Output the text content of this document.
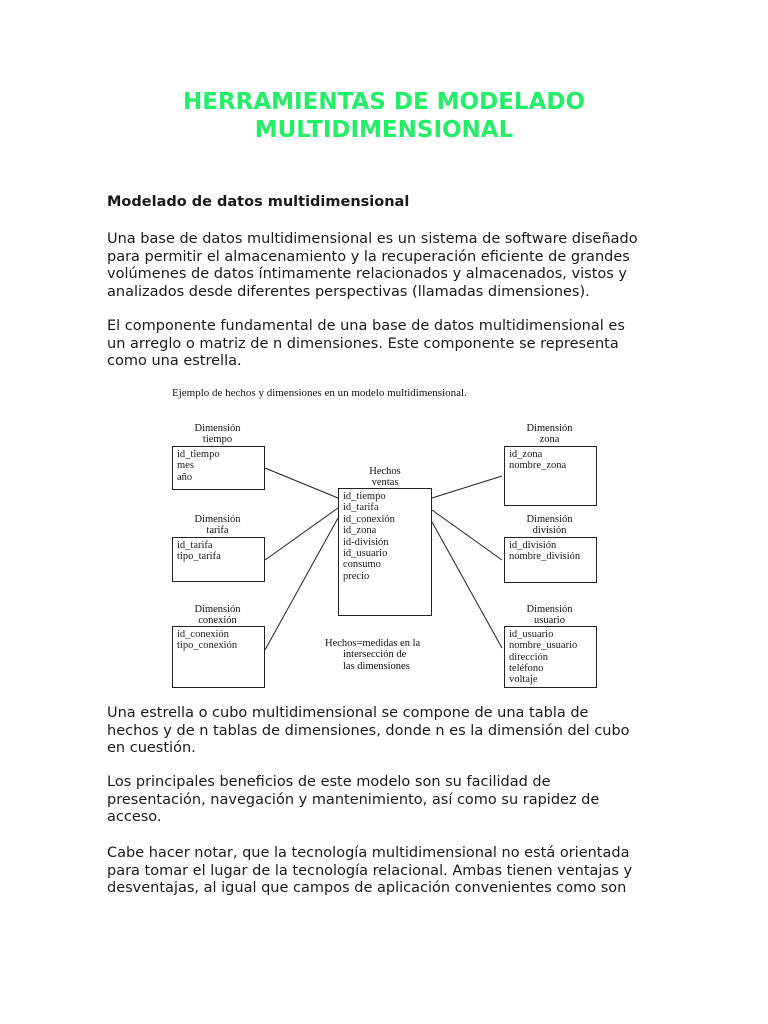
HERRAMIENTAS DE MODELADO
MULTIDIMENSIONAL
Modelado de datos multidimensional
Una base de datos multidimensional es un sistema de software diseñado
para permitir el almacenamiento y la recuperación eficiente de grandes
volúmenes de datos íntimamente relacionados y almacenados, vistos y
analizados desde diferentes perspectivas (llamadas dimensiones).
El componente fundamental de una base de datos multidimensional es
un arreglo o matriz de n dimensiones. Este componente se representa
como una estrella.
Ejemplo de hechos y dimensiones en un modelo multidimensional.
Dimensión
tiempo
id_tiempo
mes
año
Dimensión
tarifa
id_tarifa
tipo_tarifa
Dimensión
conexión
id_conexión
tipo_conexión
Hechos
ventas
id_tiempo
id_tarifa
id_conexión
id_zona
id-división
id_usuario
consumo
precio
Hechos=medidas en la
intersección de
las dimensiones
Dimensión
zona
id_zona
nombre_zona
Dimensión
división
id_división
nombre_división
Dimensión
usuario
id_usuario
nombre_usuario
dirección
teléfono
voltaje
Una estrella o cubo multidimensional se compone de una tabla de
hechos y de n tablas de dimensiones, donde n es la dimensión del cubo
en cuestión.
Los principales beneficios de este modelo son su facilidad de
presentación, navegación y mantenimiento, así como su rapidez de
acceso.
Cabe hacer notar, que la tecnología multidimensional no está orientada
para tomar el lugar de la tecnología relacional. Ambas tienen ventajas y
desventajas, al igual que campos de aplicación convenientes como son
